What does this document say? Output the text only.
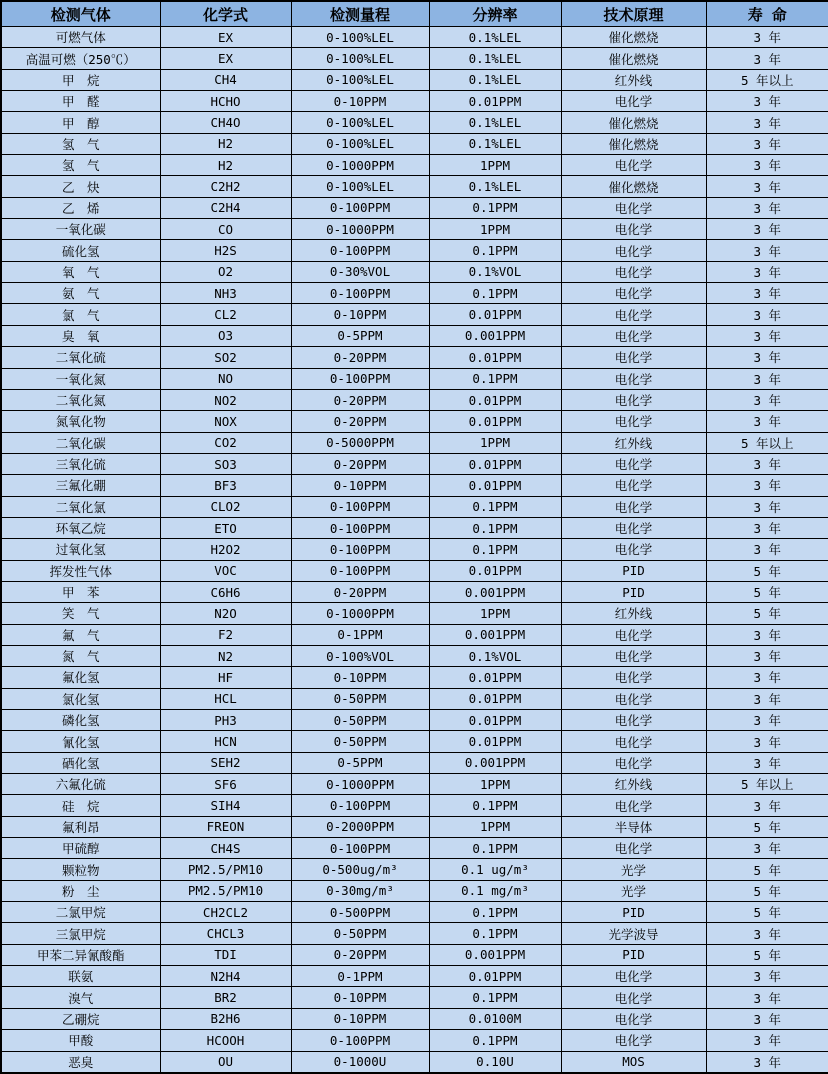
检测气体	化学式	检测量程	分辨率	技术原理	寿 命
可燃气体	EX	0-100%LEL	0.1%LEL	催化燃烧	3 年
高温可燃（250℃）	EX	0-100%LEL	0.1%LEL	催化燃烧	3 年
甲　烷	CH4	0-100%LEL	0.1%LEL	红外线	5 年以上
甲　醛	HCHO	0-10PPM	0.01PPM	电化学	3 年
甲　醇	CH4O	0-100%LEL	0.1%LEL	催化燃烧	3 年
氢　气	H2	0-100%LEL	0.1%LEL	催化燃烧	3 年
氢　气	H2	0-1000PPM	1PPM	电化学	3 年
乙　炔	C2H2	0-100%LEL	0.1%LEL	催化燃烧	3 年
乙　烯	C2H4	0-100PPM	0.1PPM	电化学	3 年
一氧化碳	CO	0-1000PPM	1PPM	电化学	3 年
硫化氢	H2S	0-100PPM	0.1PPM	电化学	3 年
氧　气	O2	0-30%VOL	0.1%VOL	电化学	3 年
氨　气	NH3	0-100PPM	0.1PPM	电化学	3 年
氯　气	CL2	0-10PPM	0.01PPM	电化学	3 年
臭　氧	O3	0-5PPM	0.001PPM	电化学	3 年
二氧化硫	SO2	0-20PPM	0.01PPM	电化学	3 年
一氧化氮	NO	0-100PPM	0.1PPM	电化学	3 年
二氧化氮	NO2	0-20PPM	0.01PPM	电化学	3 年
氮氧化物	NOX	0-20PPM	0.01PPM	电化学	3 年
二氧化碳	CO2	0-5000PPM	1PPM	红外线	5 年以上
三氧化硫	SO3	0-20PPM	0.01PPM	电化学	3 年
三氟化硼	BF3	0-10PPM	0.01PPM	电化学	3 年
二氧化氯	CLO2	0-100PPM	0.1PPM	电化学	3 年
环氧乙烷	ETO	0-100PPM	0.1PPM	电化学	3 年
过氧化氢	H2O2	0-100PPM	0.1PPM	电化学	3 年
挥发性气体	VOC	0-100PPM	0.01PPM	PID	5 年
甲　苯	C6H6	0-20PPM	0.001PPM	PID	5 年
笑　气	N2O	0-1000PPM	1PPM	红外线	5 年
氟　气	F2	0-1PPM	0.001PPM	电化学	3 年
氮　气	N2	0-100%VOL	0.1%VOL	电化学	3 年
氟化氢	HF	0-10PPM	0.01PPM	电化学	3 年
氯化氢	HCL	0-50PPM	0.01PPM	电化学	3 年
磷化氢	PH3	0-50PPM	0.01PPM	电化学	3 年
氰化氢	HCN	0-50PPM	0.01PPM	电化学	3 年
硒化氢	SEH2	0-5PPM	0.001PPM	电化学	3 年
六氟化硫	SF6	0-1000PPM	1PPM	红外线	5 年以上
硅　烷	SIH4	0-100PPM	0.1PPM	电化学	3 年
氟利昂	FREON	0-2000PPM	1PPM	半导体	5 年
甲硫醇	CH4S	0-100PPM	0.1PPM	电化学	3 年
颗粒物	PM2.5/PM10	0-500ug/m³	0.1 ug/m³	光学	5 年
粉　尘	PM2.5/PM10	0-30mg/m³	0.1 mg/m³	光学	5 年
二氯甲烷	CH2CL2	0-500PPM	0.1PPM	PID	5 年
三氯甲烷	CHCL3	0-50PPM	0.1PPM	光学波导	3 年
甲苯二异氰酸酯	TDI	0-20PPM	0.001PPM	PID	5 年
联氨	N2H4	0-1PPM	0.01PPM	电化学	3 年
溴气	BR2	0-10PPM	0.1PPM	电化学	3 年
乙硼烷	B2H6	0-10PPM	0.0100M	电化学	3 年
甲酸	HCOOH	0-100PPM	0.1PPM	电化学	3 年
恶臭	OU	0-1000U	0.10U	MOS	3 年
